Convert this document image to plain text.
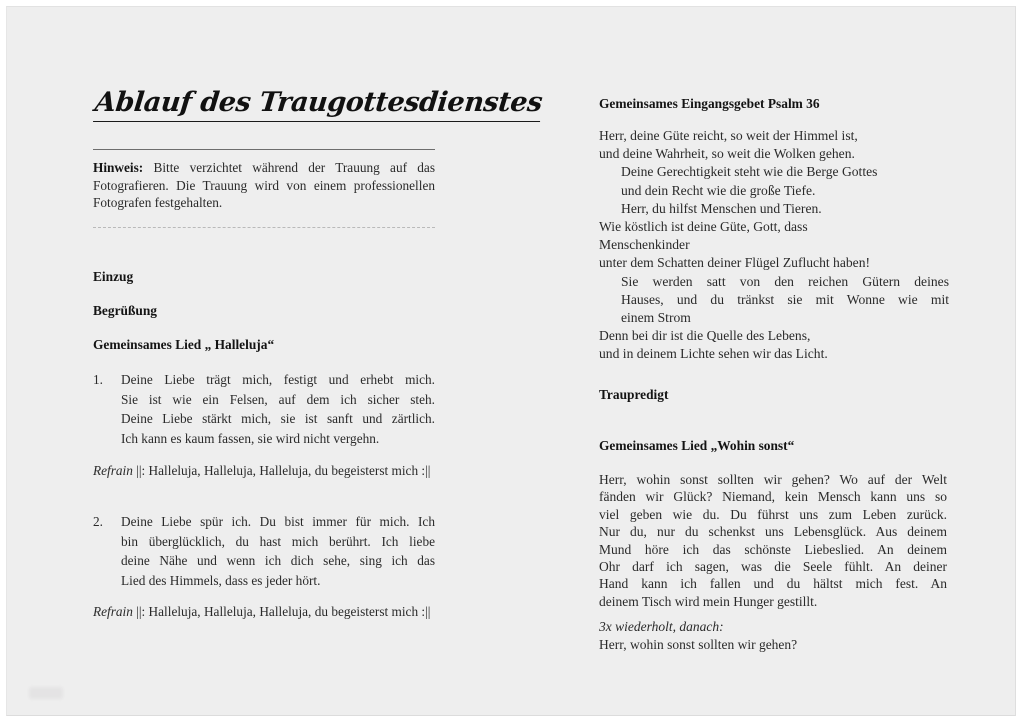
Ablauf des Traugottesdienstes
Hinweis: Bitte verzichtet während der Trauung auf das Fotografieren. Die Trauung wird von einem professionellen Fotografen festgehalten.
Einzug
Begrüßung
Gemeinsames Lied „ Halleluja“
1.	Deine Liebe trägt mich, festigt und erhebt mich.
Sie ist wie ein Felsen, auf dem ich sicher steh.
Deine Liebe stärkt mich, sie ist sanft und zärtlich.
Ich kann es kaum fassen, sie wird nicht vergehn.
Refrain ||: Halleluja, Halleluja, Halleluja, du begeisterst mich :||
2.	Deine Liebe spür ich. Du bist immer für mich. Ich
bin überglücklich, du hast mich berührt. Ich liebe
deine Nähe und wenn ich dich sehe, sing ich das
Lied des Himmels, dass es jeder hört.
Refrain ||: Halleluja, Halleluja, Halleluja, du begeisterst mich :||
Gemeinsames Eingangsgebet Psalm 36
Herr, deine Güte reicht, so weit der Himmel ist,
und deine Wahrheit, so weit die Wolken gehen.
Deine Gerechtigkeit steht wie die Berge Gottes
und dein Recht wie die große Tiefe.
Herr, du hilfst Menschen und Tieren.
Wie köstlich ist deine Güte, Gott, dass
Menschenkinder
unter dem Schatten deiner Flügel Zuflucht haben!
Sie werden satt von den reichen Gütern deines
Hauses, und du tränkst sie mit Wonne wie mit
einem Strom
Denn bei dir ist die Quelle des Lebens,
und in deinem Lichte sehen wir das Licht.
Traupredigt
Gemeinsames Lied „Wohin sonst“
Herr, wohin sonst sollten wir gehen? Wo auf der Welt
fänden wir Glück? Niemand, kein Mensch kann uns so
viel geben wie du. Du führst uns zum Leben zurück.
Nur du, nur du schenkst uns Lebensglück. Aus deinem
Mund höre ich das schönste Liebeslied. An deinem
Ohr darf ich sagen, was die Seele fühlt. An deiner
Hand kann ich fallen und du hältst mich fest. An
deinem Tisch wird mein Hunger gestillt.
3x wiederholt, danach:
Herr, wohin sonst sollten wir gehen?
